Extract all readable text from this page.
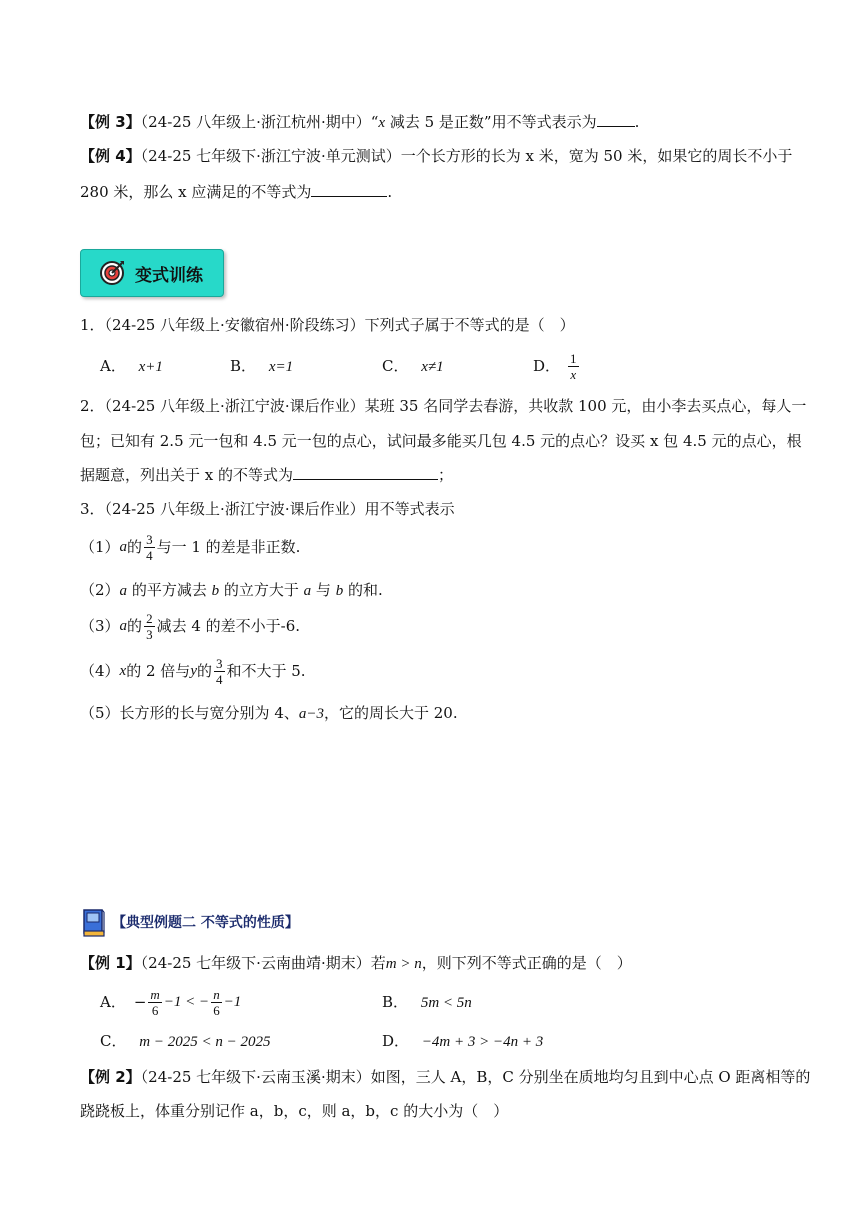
【例 3】（24-25 八年级上·浙江杭州·期中）“x 减去 5 是正数”用不等式表示为	.
【例 4】（24-25 七年级下·浙江宁波·单元测试）一个长方形的长为 x 米，宽为 50 米，如果它的周长不小于
280 米，那么 x 应满足的不等式为	.
变式训练
1．（24-25 八年级上·安徽宿州·阶段练习）下列式子属于不等式的是（　）
A． x+1	B． x=1	C． x≠1	D． $\frac{1}{x}$
2．（24-25 八年级上·浙江宁波·课后作业）某班 35 名同学去春游，共收款 100 元，由小李去买点心，每人一
包；已知有 2.5 元一包和 4.5 元一包的点心，试问最多能买几包 4.5 元的点心？设买 x 包 4.5 元的点心，根
据题意，列出关于 x 的不等式为	；
3．（24-25 八年级上·浙江宁波·课后作业）用不等式表示
（1） a 的 $\frac{3}{4}$ 与一 1 的差是非正数.
（2）a 的平方减去 b 的立方大于 a 与 b 的和.
（3） a 的 $\frac{2}{3}$ 减去 4 的差不小于-6.
（4） x 的 2 倍与 y 的 $\frac{3}{4}$ 和不大于 5.
（5）长方形的长与宽分别为 4、a−3，它的周长大于 20.
【典型例题二 不等式的性质】
【例 1】（24-25 七年级下·云南曲靖·期末）若m > n，则下列不等式正确的是（　）
A． − $\frac{m}{6} -1$ < − $\frac{n}{6} -1$	B． 5m < 5n
C． m − 2025 < n − 2025	D． −4m + 3 > −4n + 3
【例 2】（24-25 七年级下·云南玉溪·期末）如图，三人 A，B，C 分别坐在质地均匀且到中心点 O 距离相等的
跷跷板上，体重分别记作 a，b，c，则 a，b，c 的大小为（　）
